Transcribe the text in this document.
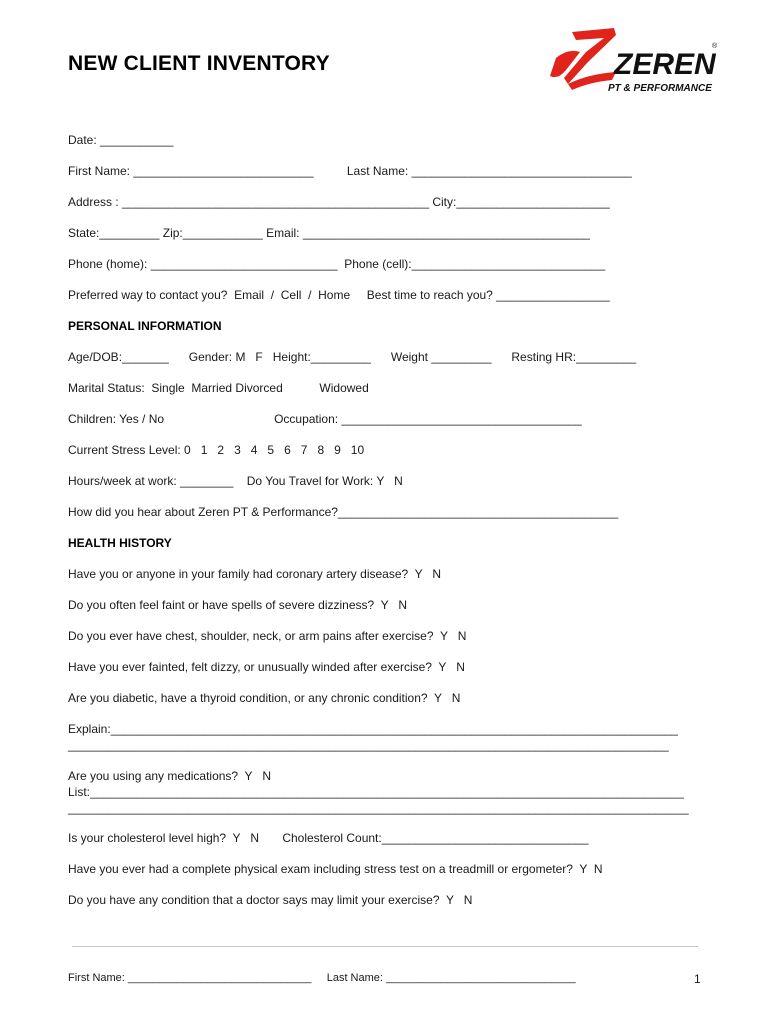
NEW CLIENT INVENTORY	ZEREN
®
PT & PERFORMANCE
Date: ___________
First Name: ___________________________          Last Name: _________________________________
Address : ______________________________________________ City:_______________________
State:_________ Zip:____________ Email: ___________________________________________
Phone (home): ____________________________  Phone (cell):_____________________________
Preferred way to contact you?  Email  /  Cell  /  Home     Best time to reach you? _________________
PERSONAL INFORMATION
Age/DOB:_______      Gender: M   F   Height:_________      Weight _________      Resting HR:_________
Marital Status:  Single  Married Divorced           Widowed
Children: Yes / No                                 Occupation: ____________________________________
Current Stress Level: 0   1   2   3   4   5   6   7   8   9   10
Hours/week at work: ________    Do You Travel for Work: Y   N
How did you hear about Zeren PT & Performance?__________________________________________
HEALTH HISTORY
Have you or anyone in your family had coronary artery disease?  Y   N
Do you often feel faint or have spells of severe dizziness?  Y   N
Do you ever have chest, shoulder, neck, or arm pains after exercise?  Y   N
Have you ever fainted, felt dizzy, or unusually winded after exercise?  Y   N
Are you diabetic, have a thyroid condition, or any chronic condition?  Y   N
Explain:_____________________________________________________________________________________
__________________________________________________________________________________________
Are you using any medications?  Y   N
List:_________________________________________________________________________________________
_____________________________________________________________________________________________
Is your cholesterol level high?  Y   N       Cholesterol Count:_______________________________
Have you ever had a complete physical exam including stress test on a treadmill or ergometer?  Y  N
Do you have any condition that a doctor says may limit your exercise?  Y   N
First Name: ______________________________     Last Name: _______________________________	1
